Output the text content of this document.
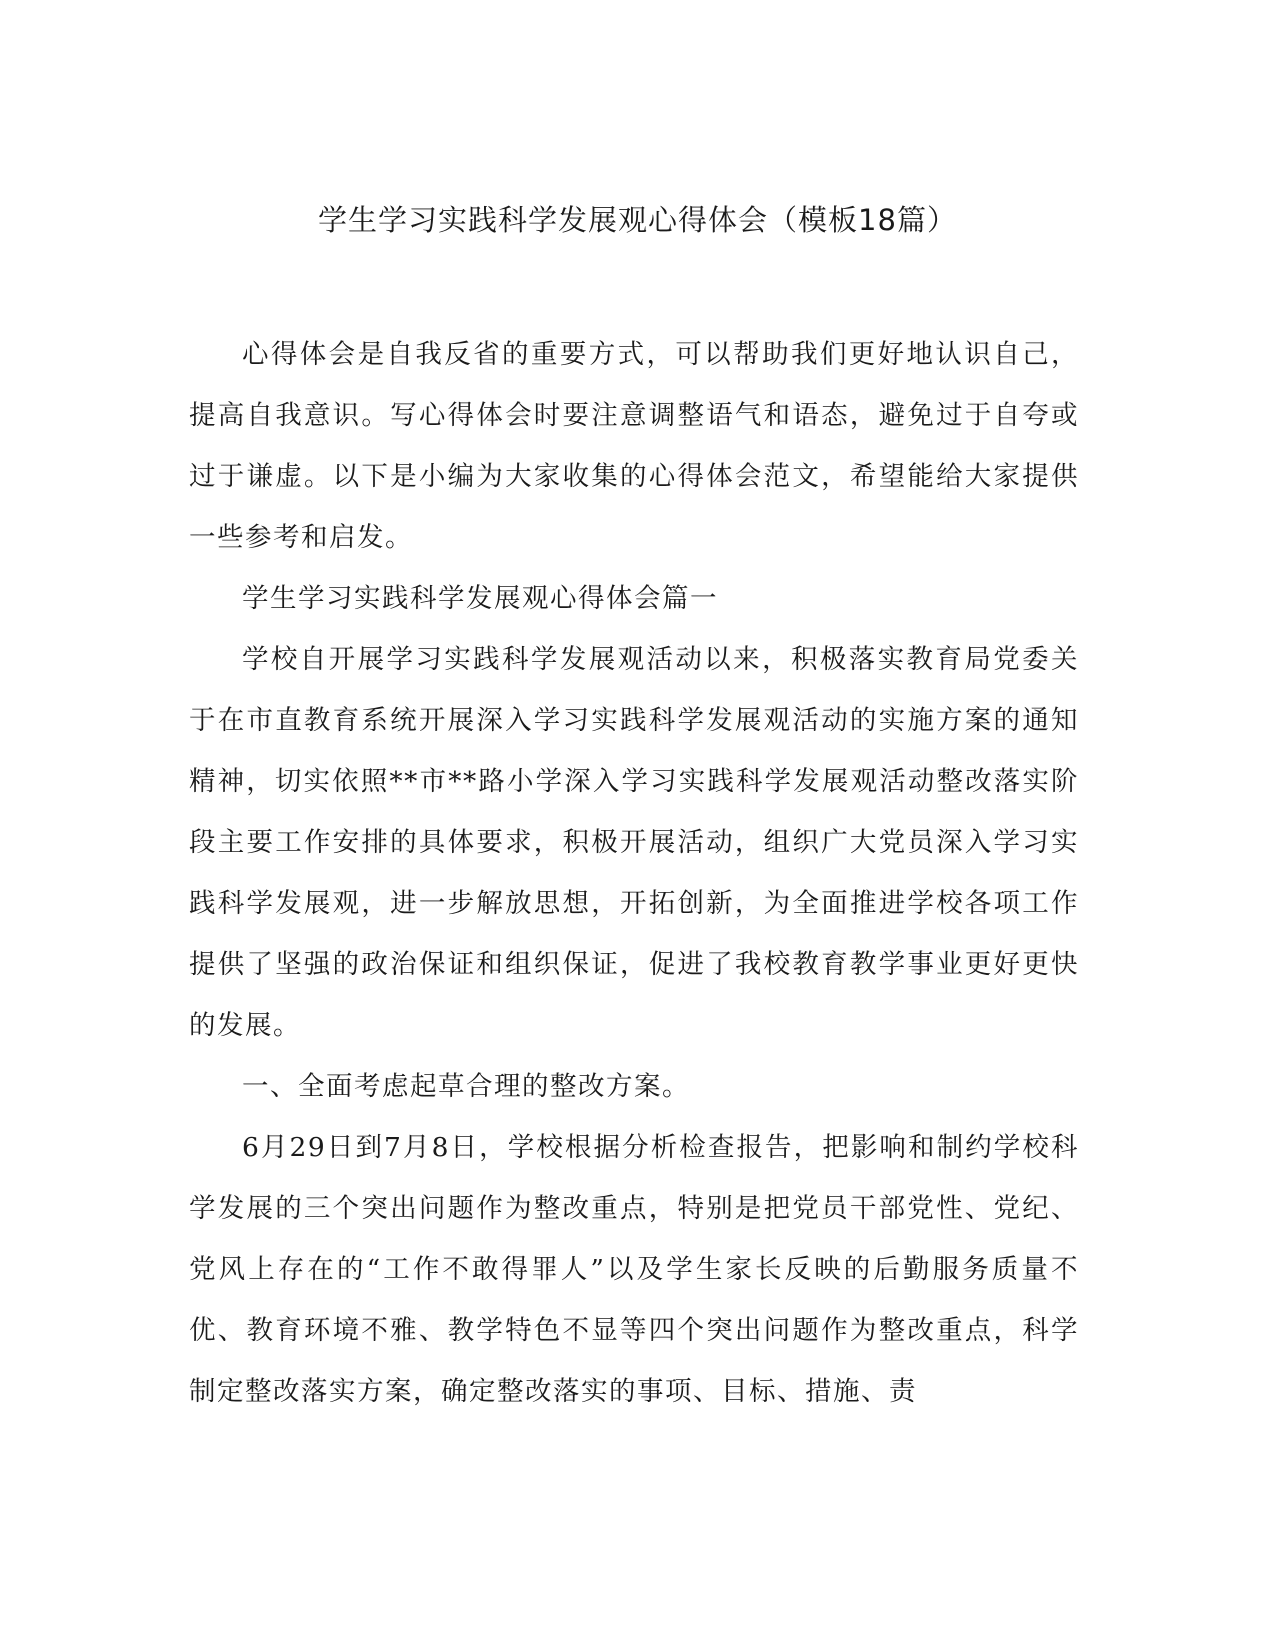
学生学习实践科学发展观心得体会（模板18篇）

心得体会是自我反省的重要方式，可以帮助我们更好地认识自己，提高自我意识。写心得体会时要注意调整语气和语态，避免过于自夸或过于谦虚。以下是小编为大家收集的心得体会范文，希望能给大家提供一些参考和启发。

学生学习实践科学发展观心得体会篇一

学校自开展学习实践科学发展观活动以来，积极落实教育局党委关于在市直教育系统开展深入学习实践科学发展观活动的实施方案的通知精神，切实依照**市**路小学深入学习实践科学发展观活动整改落实阶段主要工作安排的具体要求，积极开展活动，组织广大党员深入学习实践科学发展观，进一步解放思想，开拓创新，为全面推进学校各项工作提供了坚强的政治保证和组织保证，促进了我校教育教学事业更好更快的发展。

一、全面考虑起草合理的整改方案。

6月29日到7月8日，学校根据分析检查报告，把影响和制约学校科学发展的三个突出问题作为整改重点，特别是把党员干部党性、党纪、党风上存在的“工作不敢得罪人”以及学生家长反映的后勤服务质量不优、教育环境不雅、教学特色不显等四个突出问题作为整改重点，科学制定整改落实方案，确定整改落实的事项、目标、措施、责
